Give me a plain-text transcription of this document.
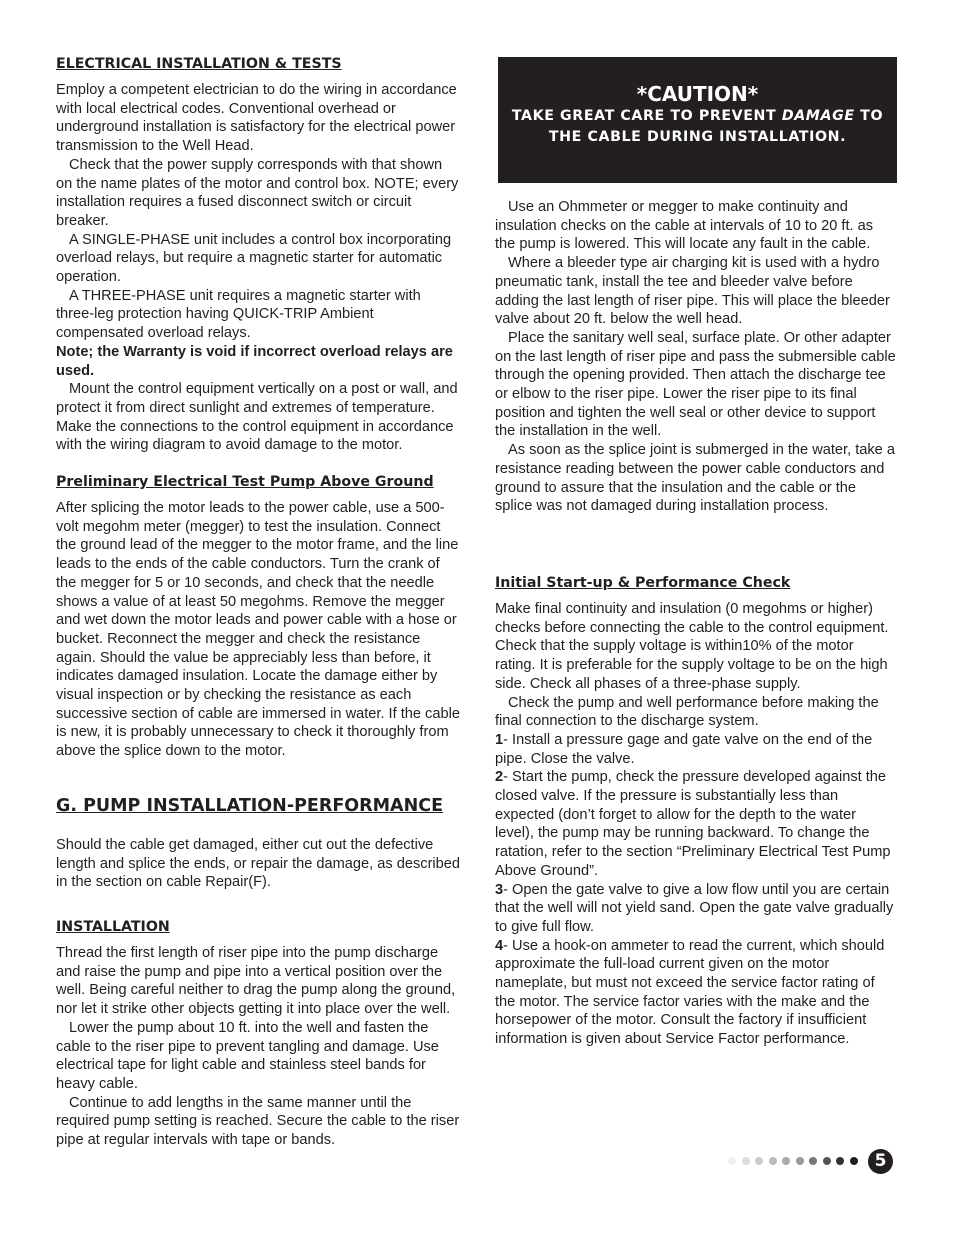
ELECTRICAL INSTALLATION & TESTS

Employ a competent electrician to do the wiring in accordance with local electrical codes. Conventional overhead or underground installation is satisfactory for the electrical power transmission to the Well Head.

Check that the power supply corresponds with that shown on the name plates of the motor and control box. NOTE; every installation requires a fused disconnect switch or circuit breaker.

A SINGLE-PHASE unit includes a control box incorporating overload relays, but require a magnetic starter for automatic operation.

A THREE-PHASE unit requires a magnetic starter with three-leg protection having QUICK-TRIP Ambient compensated overload relays.

Note; the Warranty is void if incorrect overload relays are used.

Mount the control equipment vertically on a post or wall, and protect it from direct sunlight and extremes of temperature. Make the connections to the control equipment in accordance with the wiring diagram to avoid damage to the motor.

Preliminary Electrical Test Pump Above Ground

After splicing the motor leads to the power cable, use a 500-volt megohm meter (megger) to test the insulation. Connect the ground lead of the megger to the motor frame, and the line leads to the ends of the cable conductors. Turn the crank of the megger for 5 or 10 seconds, and check that the needle shows a value of at least 50 megohms. Remove the megger and wet down the motor leads and power cable with a hose or bucket. Reconnect the megger and check the resistance again. Should the value be appreciably less than before, it indicates damaged insulation. Locate the damage either by visual inspection or by checking the resistance as each successive section of cable are immersed in water. If the cable is new, it is probably unnecessary to check it thoroughly from above the splice down to the motor.

G. PUMP INSTALLATION-PERFORMANCE

Should the cable get damaged, either cut out the defective length and splice the ends, or repair the damage, as described in the section on cable Repair(F).

INSTALLATION

Thread the first length of riser pipe into the pump discharge and raise the pump and pipe into a vertical position over the well. Being careful neither to drag the pump along the ground, nor let it strike other objects getting it into place over the well.

Lower the pump about 10 ft. into the well and fasten the cable to the riser pipe to prevent tangling and damage. Use electrical tape for light cable and stainless steel bands for heavy cable.

Continue to add lengths in the same manner until the required pump setting is reached. Secure the cable to the riser pipe at regular intervals with tape or bands.

*CAUTION*
TAKE GREAT CARE TO PREVENT DAMAGE TO
THE CABLE DURING INSTALLATION.

Use an Ohmmeter or megger to make continuity and insulation checks on the cable at intervals of 10 to 20 ft. as the pump is lowered. This will locate any fault in the cable.

Where a bleeder type air charging kit is used with a hydro pneumatic tank, install the tee and bleeder valve before adding the last length of riser pipe. This will place the bleeder valve about 20 ft. below the well head.

Place the sanitary well seal, surface plate. Or other adapter on the last length of riser pipe and pass the submersible cable through the opening provided. Then attach the discharge tee or elbow to the riser pipe. Lower the riser pipe to its final position and tighten the well seal or other device to support the installation in the well.

As soon as the splice joint is submerged in the water, take a resistance reading between the power cable conductors and ground to assure that the insulation and the cable or the splice was not damaged during installation process.

Initial Start-up & Performance Check

Make final continuity and insulation (0 megohms or higher) checks before connecting the cable to the control equipment. Check that the supply voltage is within10% of the motor rating. It is preferable for the supply voltage to be on the high side. Check all phases of a three-phase supply.

Check the pump and well performance before making the final connection to the discharge system.

1- Install a pressure gage and gate valve on the end of the pipe. Close the valve.

2- Start the pump, check the pressure developed against the closed valve. If the pressure is substantially less than expected (don’t forget to allow for the depth to the water level), the pump may be running backward. To change the ratation, refer to the section “Preliminary Electrical Test Pump Above Ground”.

3- Open the gate valve to give a low flow until you are certain that the well will not yield sand. Open the gate valve gradually to give full flow.

4- Use a hook-on ammeter to read the current, which should approximate the full-load current given on the motor nameplate, but must not exceed the service factor rating of the motor. The service factor varies with the make and the horsepower of the motor. Consult the factory if insufficient information is given about Service Factor performance.

5
